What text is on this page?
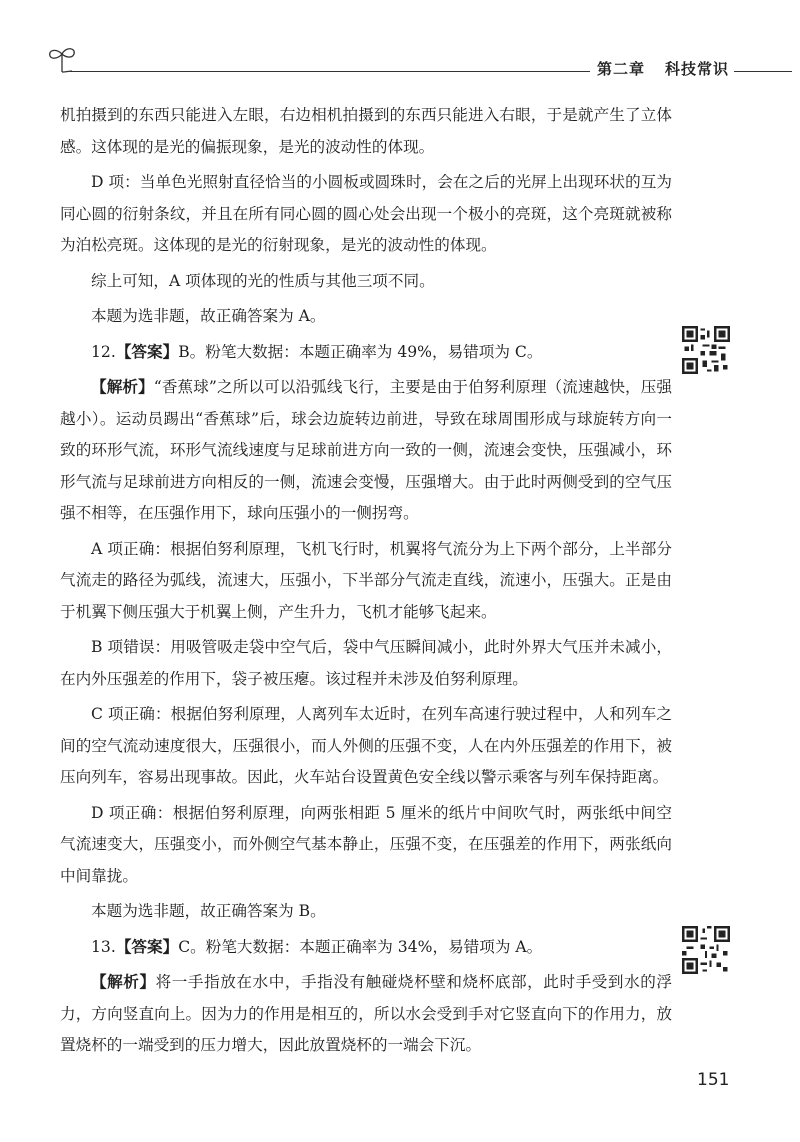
第二章 科技常识

机拍摄到的东西只能进入左眼，右边相机拍摄到的东西只能进入右眼，于是就产生了立体感。这体现的是光的偏振现象，是光的波动性的体现。

D 项：当单色光照射直径恰当的小圆板或圆珠时，会在之后的光屏上出现环状的互为同心圆的衍射条纹，并且在所有同心圆的圆心处会出现一个极小的亮斑，这个亮斑就被称为泊松亮斑。这体现的是光的衍射现象，是光的波动性的体现。

综上可知，A 项体现的光的性质与其他三项不同。

本题为选非题，故正确答案为 A。

12.【答案】B。粉笔大数据：本题正确率为 49%，易错项为 C。

【解析】“香蕉球”之所以可以沿弧线飞行，主要是由于伯努利原理（流速越快，压强越小）。运动员踢出“香蕉球”后，球会边旋转边前进，导致在球周围形成与球旋转方向一致的环形气流，环形气流线速度与足球前进方向一致的一侧，流速会变快，压强减小，环形气流与足球前进方向相反的一侧，流速会变慢，压强增大。由于此时两侧受到的空气压强不相等，在压强作用下，球向压强小的一侧拐弯。

A 项正确：根据伯努利原理，飞机飞行时，机翼将气流分为上下两个部分，上半部分气流走的路径为弧线，流速大，压强小，下半部分气流走直线，流速小，压强大。正是由于机翼下侧压强大于机翼上侧，产生升力，飞机才能够飞起来。

B 项错误：用吸管吸走袋中空气后，袋中气压瞬间减小，此时外界大气压并未减小，在内外压强差的作用下，袋子被压瘪。该过程并未涉及伯努利原理。

C 项正确：根据伯努利原理，人离列车太近时，在列车高速行驶过程中，人和列车之间的空气流动速度很大，压强很小，而人外侧的压强不变，人在内外压强差的作用下，被压向列车，容易出现事故。因此，火车站台设置黄色安全线以警示乘客与列车保持距离。

D 项正确：根据伯努利原理，向两张相距 5 厘米的纸片中间吹气时，两张纸中间空气流速变大，压强变小，而外侧空气基本静止，压强不变，在压强差的作用下，两张纸向中间靠拢。

本题为选非题，故正确答案为 B。

13.【答案】C。粉笔大数据：本题正确率为 34%，易错项为 A。

【解析】将一手指放在水中，手指没有触碰烧杯壁和烧杯底部，此时手受到水的浮力，方向竖直向上。因为力的作用是相互的，所以水会受到手对它竖直向下的作用力，放置烧杯的一端受到的压力增大，因此放置烧杯的一端会下沉。

151
